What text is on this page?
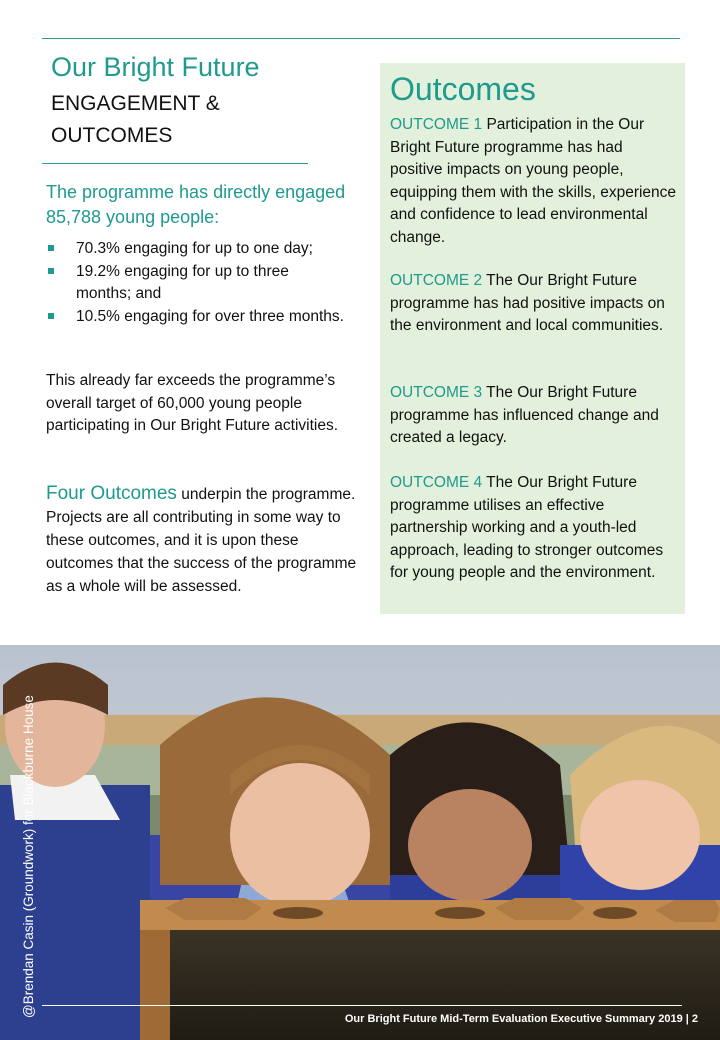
Our Bright Future
ENGAGEMENT & OUTCOMES
The programme has directly engaged 85,788 young people:
70.3% engaging for up to one day;
19.2% engaging for up to three months; and
10.5% engaging for over three months.

This already far exceeds the programme’s overall target of 60,000 young people participating in Our Bright Future activities.

Four Outcomes underpin the programme. Projects are all contributing in some way to these outcomes, and it is upon these outcomes that the success of the programme as a whole will be assessed.

Outcomes

OUTCOME 1 Participation in the Our Bright Future programme has had positive impacts on young people, equipping them with the skills, experience and confidence to lead environmental change.

OUTCOME 2 The Our Bright Future programme has had positive impacts on the environment and local communities.

OUTCOME 3 The Our Bright Future programme has influenced change and created a legacy.

OUTCOME 4 The Our Bright Future programme utilises an effective partnership working and a youth-led approach, leading to stronger outcomes for young people and the environment.

@Brendan Casin (Groundwork) for Blackburne House
Our Bright Future Mid-Term Evaluation Executive Summary 2019 | 2
